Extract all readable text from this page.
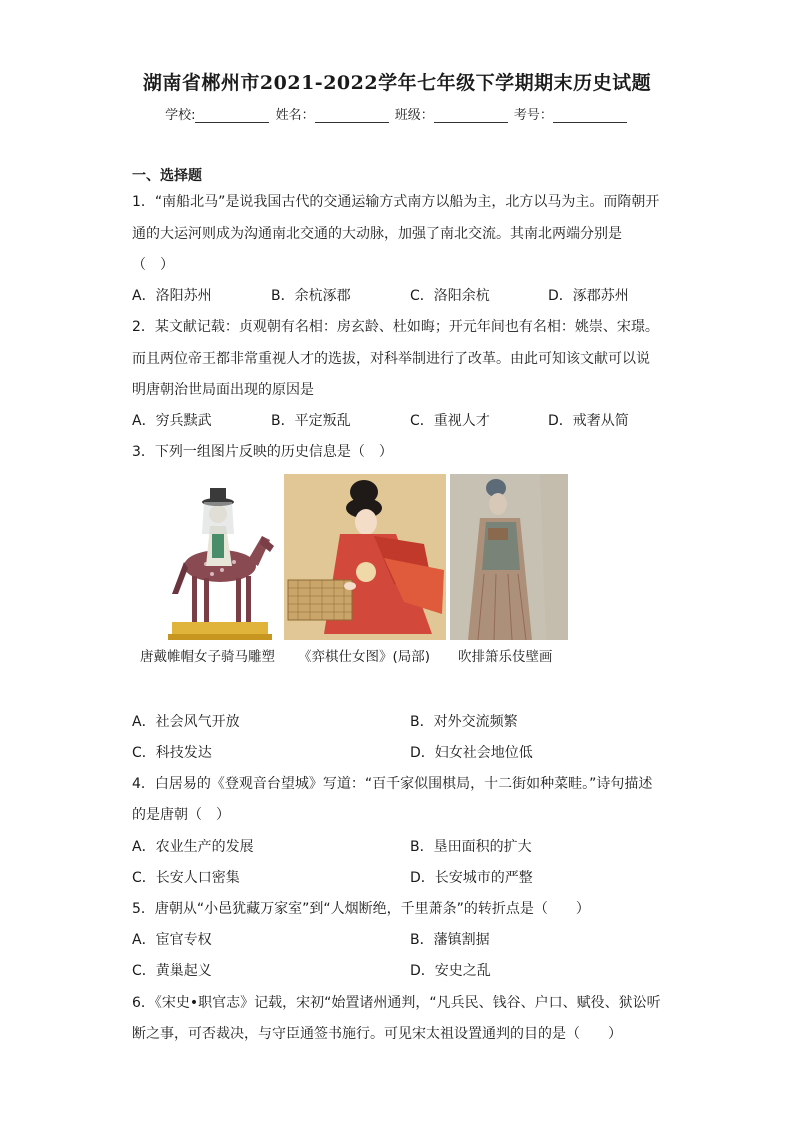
湖南省郴州市2021-2022学年七年级下学期期末历史试题
学校:	姓名：	班级：	考号：
一、选择题
1．“南船北马”是说我国古代的交通运输方式南方以船为主，北方以马为主。而隋朝开
通的大运河则成为沟通南北交通的大动脉，加强了南北交流。其南北两端分别是
（　）
A．洛阳苏州	B．余杭涿郡	C．洛阳余杭	D．涿郡苏州
2．某文献记载：贞观朝有名相：房玄龄、杜如晦；开元年间也有名相：姚崇、宋璟。
而且两位帝王都非常重视人才的选拔，对科举制进行了改革。由此可知该文献可以说
明唐朝治世局面出现的原因是
A．穷兵黩武	B．平定叛乱	C．重视人才	D．戒奢从简
3．下列一组图片反映的历史信息是（　）
唐戴帷帽女子骑马雕塑 《弈棋仕女图》(局部) 吹排箫乐伎壁画
A．社会风气开放	B．对外交流频繁
C．科技发达	D．妇女社会地位低
4．白居易的《登观音台望城》写道：“百千家似围棋局，十二街如种菜畦。”诗句描述
的是唐朝（　）
A．农业生产的发展	B．垦田面积的扩大
C．长安人口密集	D．长安城市的严整
5．唐朝从“小邑犹藏万家室”到“人烟断绝，千里萧条”的转折点是（　　）
A．宦官专权	B．藩镇割据
C．黄巢起义	D．安史之乱
6．《宋史•职官志》记载，宋初“始置诸州通判，“凡兵民、钱谷、户口、赋役、狱讼听
断之事，可否裁决，与守臣通签书施行。可见宋太祖设置通判的目的是（　　）
